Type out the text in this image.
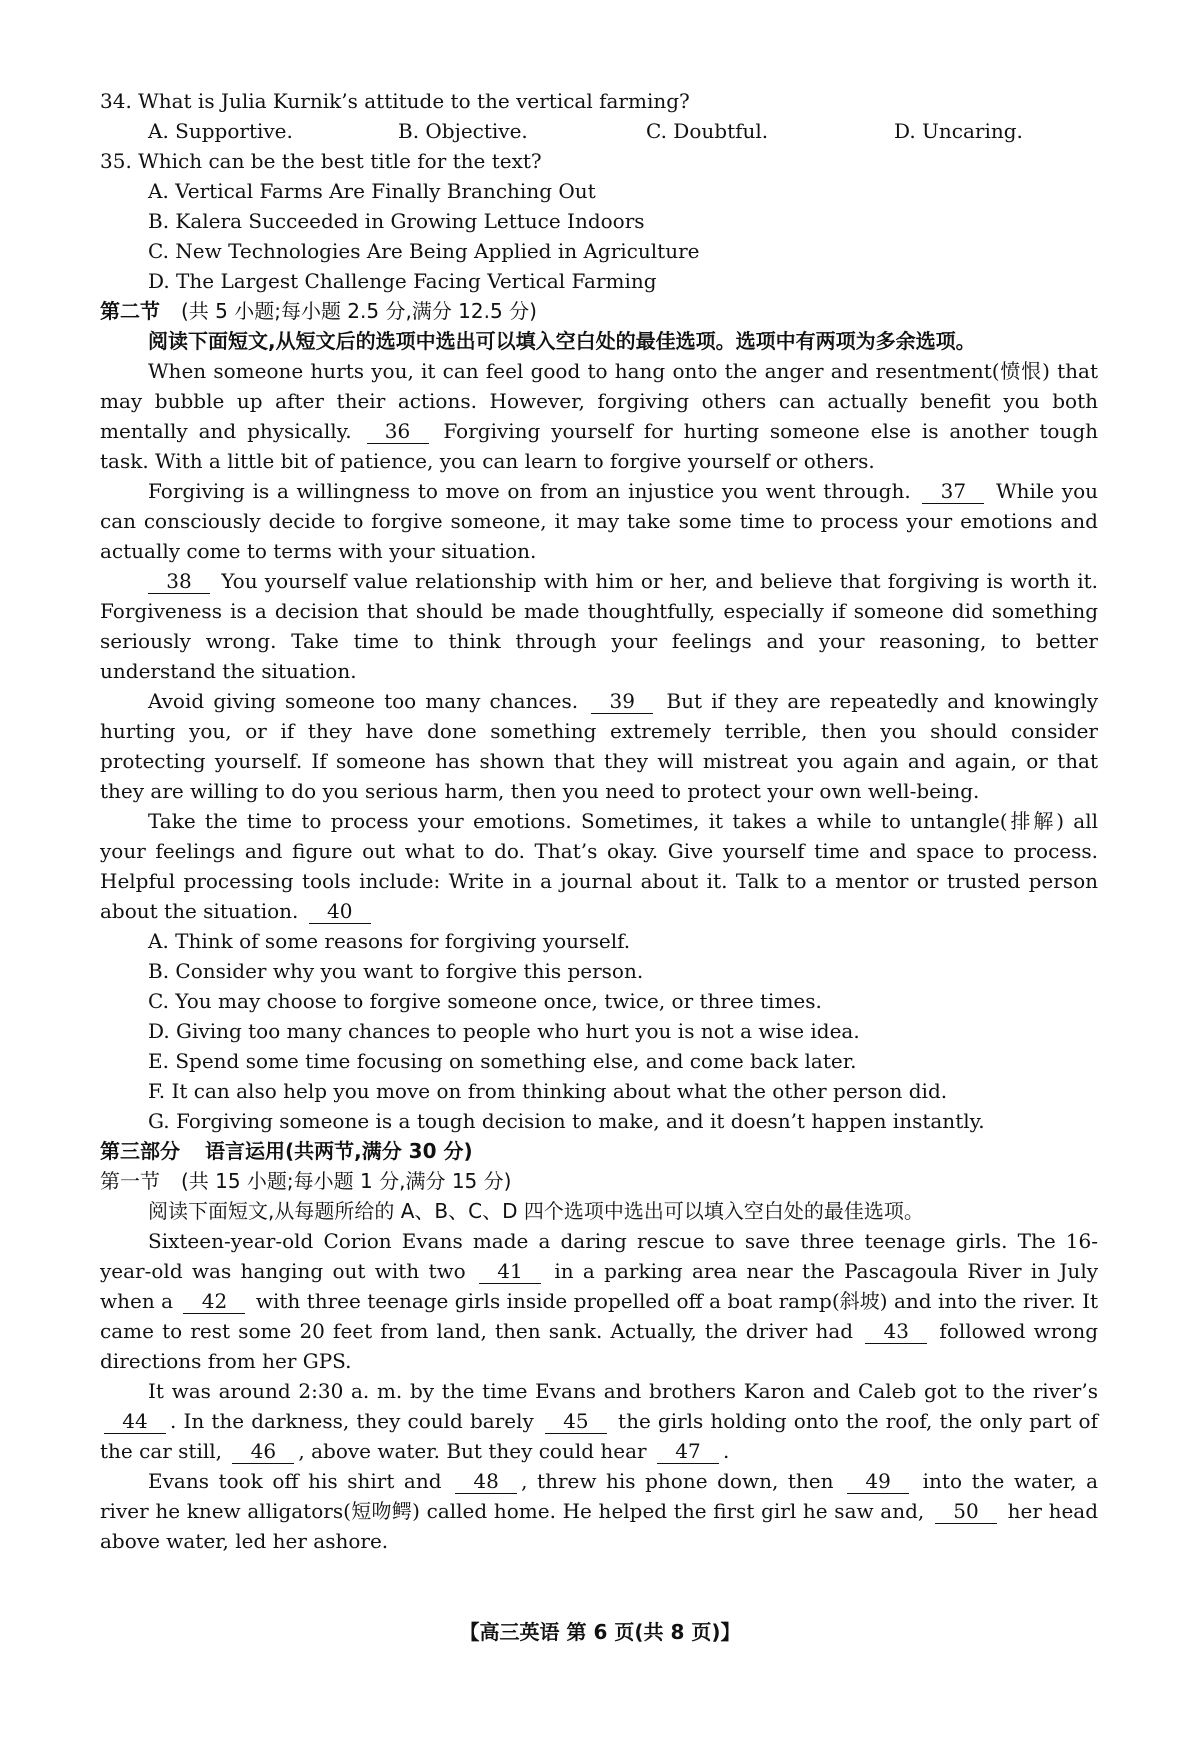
34. What is Julia Kurnik’s attitude to the vertical farming?
A. Supportive.	B. Objective.	C. Doubtful.	D. Uncaring.
35. Which can be the best title for the text?
A. Vertical Farms Are Finally Branching Out
B. Kalera Succeeded in Growing Lettuce Indoors
C. New Technologies Are Being Applied in Agriculture
D. The Largest Challenge Facing Vertical Farming
第二节 (共 5 小题;每小题 2.5 分,满分 12.5 分)
阅读下面短文,从短文后的选项中选出可以填入空白处的最佳选项。选项中有两项为多余选项。
When someone hurts you, it can feel good to hang onto the anger and resentment(愤恨) that may bubble up after their actions. However, forgiving others can actually benefit you both mentally and physically. 36 Forgiving yourself for hurting someone else is another tough task. With a little bit of patience, you can learn to forgive yourself or others.
Forgiving is a willingness to move on from an injustice you went through. 37 While you can consciously decide to forgive someone, it may take some time to process your emotions and actually come to terms with your situation.
38 You yourself value relationship with him or her, and believe that forgiving is worth it. Forgiveness is a decision that should be made thoughtfully, especially if someone did something seriously wrong. Take time to think through your feelings and your reasoning, to better understand the situation.
Avoid giving someone too many chances. 39 But if they are repeatedly and knowingly hurting you, or if they have done something extremely terrible, then you should consider protecting yourself. If someone has shown that they will mistreat you again and again, or that they are willing to do you serious harm, then you need to protect your own well-being.
Take the time to process your emotions. Sometimes, it takes a while to untangle(排解) all your feelings and figure out what to do. That’s okay. Give yourself time and space to process. Helpful processing tools include: Write in a journal about it. Talk to a mentor or trusted person about the situation. 40
A. Think of some reasons for forgiving yourself.
B. Consider why you want to forgive this person.
C. You may choose to forgive someone once, twice, or three times.
D. Giving too many chances to people who hurt you is not a wise idea.
E. Spend some time focusing on something else, and come back later.
F. It can also help you move on from thinking about what the other person did.
G. Forgiving someone is a tough decision to make, and it doesn’t happen instantly.
第三部分 语言运用(共两节,满分 30 分)
第一节 (共 15 小题;每小题 1 分,满分 15 分)
阅读下面短文,从每题所给的 A、B、C、D 四个选项中选出可以填入空白处的最佳选项。
Sixteen-year-old Corion Evans made a daring rescue to save three teenage girls. The 16-year-old was hanging out with two 41 in a parking area near the Pascagoula River in July when a 42 with three teenage girls inside propelled off a boat ramp(斜坡) and into the river. It came to rest some 20 feet from land, then sank. Actually, the driver had 43 followed wrong directions from her GPS.
It was around 2:30 a. m. by the time Evans and brothers Karon and Caleb got to the river’s 44 . In the darkness, they could barely 45 the girls holding onto the roof, the only part of the car still, 46 , above water. But they could hear 47 .
Evans took off his shirt and 48 , threw his phone down, then 49 into the water, a river he knew alligators(短吻鳄) called home. He helped the first girl he saw and, 50 her head above water, led her ashore.
【高三英语 第 6 页(共 8 页)】
